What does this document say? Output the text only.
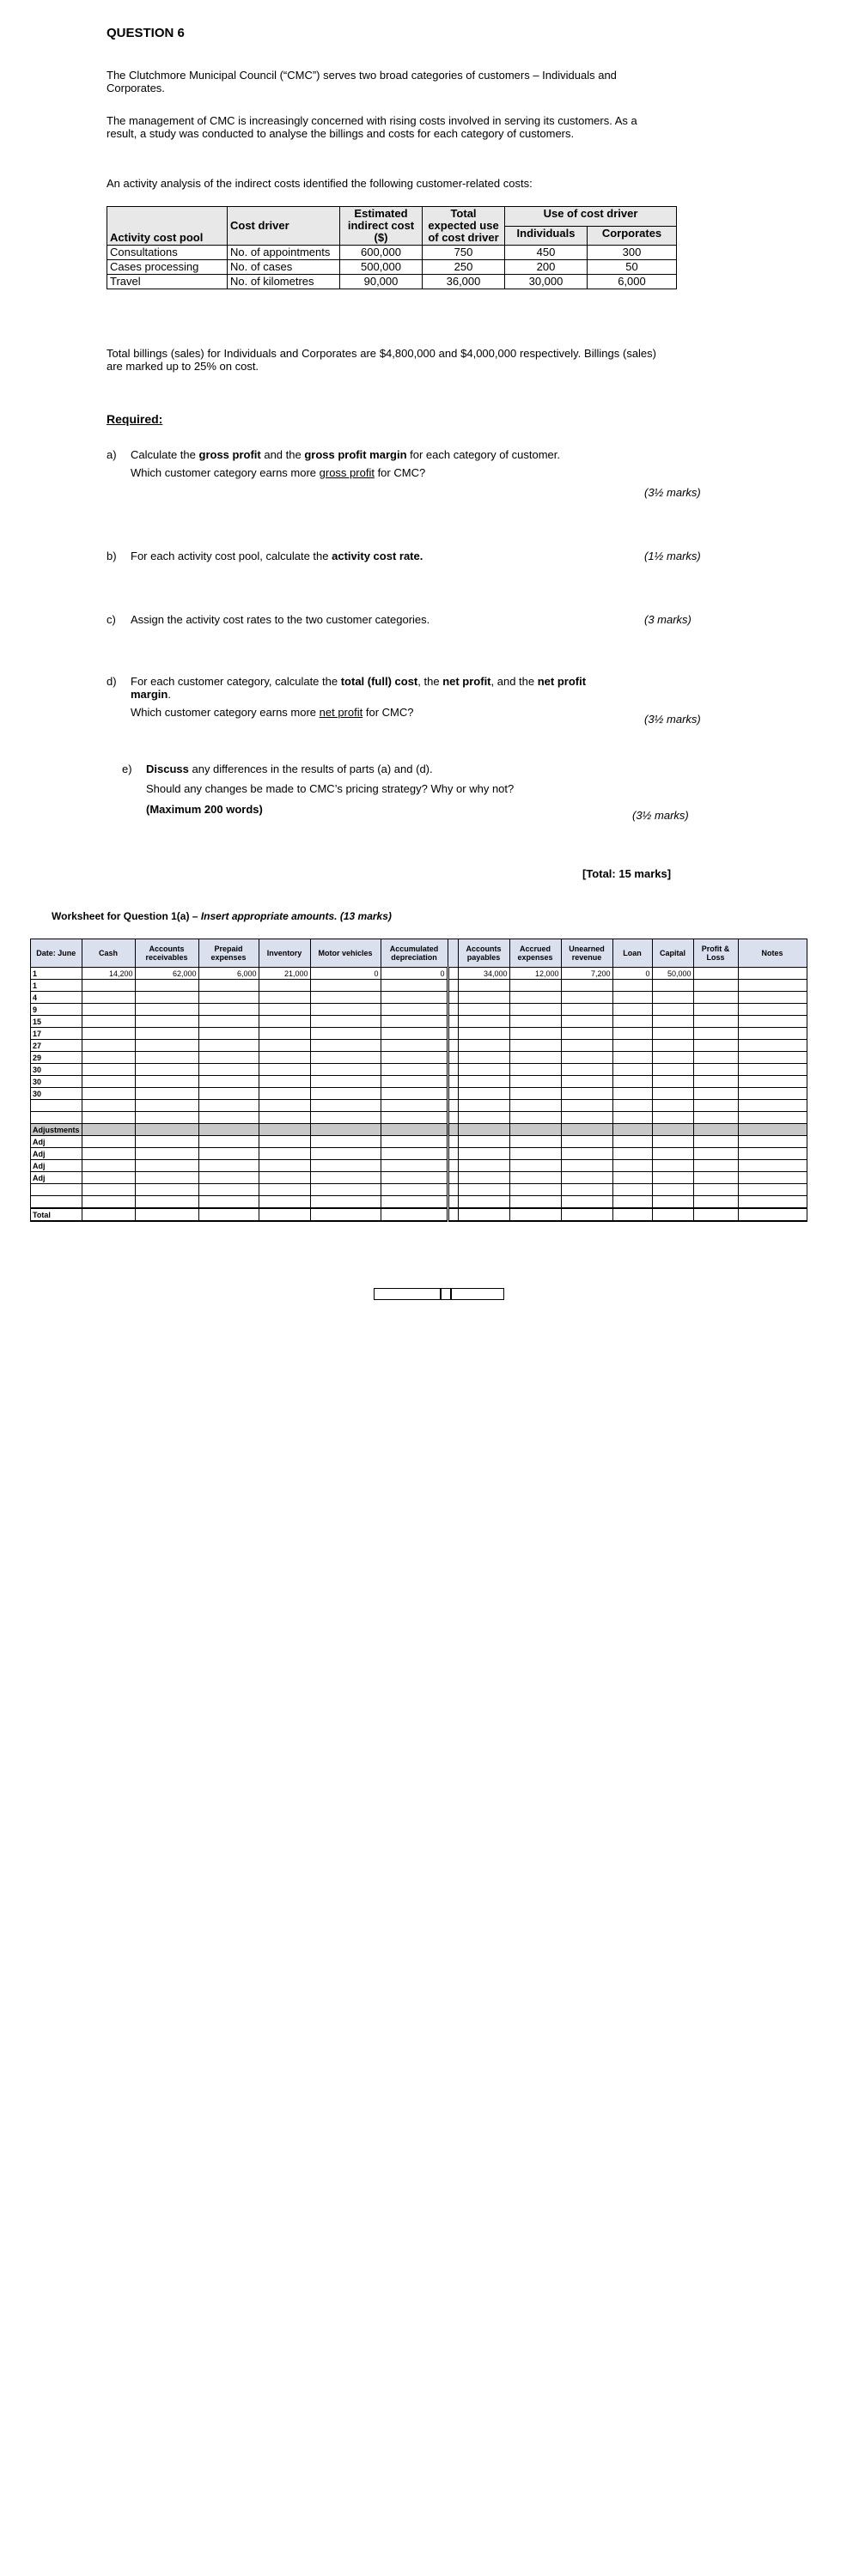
QUESTION 6
The Clutchmore Municipal Council (“CMC”) serves two broad categories of customers – Individuals and Corporates.
The management of CMC is increasingly concerned with rising costs involved in serving its customers. As a result, a study was conducted to analyse the billings and costs for each category of customers.
An activity analysis of the indirect costs identified the following customer-related costs:
Activity cost pool	Cost driver	Estimated indirect cost ($)	Total expected use of cost driver	Use of cost driver	
				Individuals	Corporates
Consultations	No. of appointments	600,000	750	450	300
Cases processing	No. of cases	500,000	250	200	50
Travel	No. of kilometres	90,000	36,000	30,000	6,000
Total billings (sales) for Individuals and Corporates are $4,800,000 and $4,000,000 respectively. Billings (sales) are marked up to 25% on cost.
Required:
a) Calculate the gross profit and the gross profit margin for each category of customer.
Which customer category earns more gross profit for CMC?
(3½ marks)
b) For each activity cost pool, calculate the activity cost rate.	(1½ marks)
c) Assign the activity cost rates to the two customer categories.	(3 marks)
d) For each customer category, calculate the total (full) cost, the net profit, and the net profit margin.
Which customer category earns more net profit for CMC?
(3½ marks)
e) Discuss any differences in the results of parts (a) and (d).
Should any changes be made to CMC’s pricing strategy? Why or why not?
(Maximum 200 words)	(3½ marks)
[Total: 15 marks]
Worksheet for Question 1(a) – Insert appropriate amounts. (13 marks)
Date: June	Cash	Accounts receivables	Prepaid expenses	Inventory	Motor vehicles	Accumulated depreciation		Accounts payables	Accrued expenses	Unearned revenue	Loan	Capital	Profit & Loss	Notes
1	14,200	62,000	6,000	21,000	0	0		34,000	12,000	7,200	0	50,000		
1														
4														
9														
15														
17														
27														
29														
30														
30														
30														

Adjustments														
Adj														
Adj														
Adj														
Adj														

Total														
